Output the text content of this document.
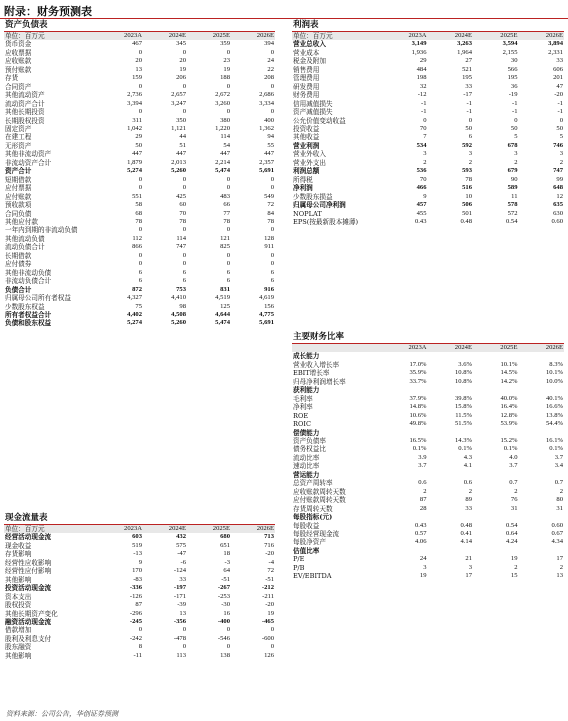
附录：财务预测表
资产负债表
单位：百万元	2023A	2024E	2025E	2026E
货币资金	467	345	359	394
应收票据	0	0	0	0
应收账款	20	20	23	24
预付账款	13	19	19	22
存货	159	206	188	208
合同资产	0	0	0	0
其他流动资产	2,736	2,657	2,672	2,686
流动资产合计	3,394	3,247	3,260	3,334
其他长期投资	0	0	0	0
长期股权投资	311	350	380	400
固定资产	1,042	1,121	1,220	1,362
在建工程	29	44	114	94
无形资产	50	51	54	55
其他非流动资产	447	447	447	447
非流动资产合计	1,879	2,013	2,214	2,357
资产合计	5,274	5,260	5,474	5,691
短期借款	0	0	0	0
应付票据	0	0	0	0
应付账款	551	425	483	549
预收款项	58	60	66	72
合同负债	68	70	77	84
其他应付款	78	78	78	78
一年内到期的非流动负债	0	0	0	0
其他流动负债	112	114	121	128
流动负债合计	866	747	825	911
长期借款	0	0	0	0
应付债券	0	0	0	0
其他非流动负债	6	6	6	6
非流动负债合计	6	6	6	6
负债合计	872	753	831	916
归属母公司所有者权益	4,327	4,410	4,519	4,619
少数股东权益	75	98	125	156
所有者权益合计	4,402	4,508	4,644	4,775
负债和股东权益	5,274	5,260	5,474	5,691
现金流量表
单位：百万元	2023A	2024E	2025E	2026E
经营活动现金流	603	432	680	713
现金收益	519	575	651	716
存货影响	-13	-47	18	-20
经营性应收影响	9	-6	-3	-4
经营性应付影响	170	-124	64	72
其他影响	-83	33	-51	-51
投资活动现金流	-336	-197	-267	-212
资本支出	-126	-171	-253	-211
股权投资	87	-39	-30	-20
其他长期资产变化	-296	13	16	19
融资活动现金流	-245	-356	-400	-465
借款增加	0	0	0	0
股利及利息支付	-242	-478	-546	-600
股东融资	8	0	0	0
其他影响	-11	113	138	126
利润表
单位：百万元	2023A	2024E	2025E	2026E
营业总收入	3,149	3,263	3,594	3,894
营业成本	1,936	1,964	2,155	2,331
税金及附加	29	27	30	33
销售费用	484	521	566	606
管理费用	198	195	195	201
研发费用	32	33	36	47
财务费用	-12	-17	-19	-20
信用减值损失	-1	-1	-1	-1
资产减值损失	-1	-1	-1	-1
公允价值变动收益	0	0	0	0
投资收益	70	50	50	50
其他收益	7	6	5	5
营业利润	534	592	678	746
营业外收入	3	3	3	3
营业外支出	2	2	2	2
利润总额	536	593	679	747
所得税	70	78	90	99
净利润	466	516	589	648
少数股东损益	9	10	11	12
归属母公司净利润	457	506	578	635
NOPLAT	455	501	572	630
EPS(按最新股本摊薄)	0.43	0.48	0.54	0.60
主要财务比率
	2023A	2024E	2025E	2026E
成长能力				
营业收入增长率	17.0%	3.6%	10.1%	8.3%
EBIT增长率	35.9%	10.8%	14.5%	10.1%
归母净利润增长率	33.7%	10.8%	14.2%	10.0%
获利能力				
毛利率	37.9%	39.8%	40.0%	40.1%
净利率	14.8%	15.8%	16.4%	16.6%
ROE	10.6%	11.5%	12.8%	13.8%
ROIC	49.8%	51.5%	53.9%	54.4%
偿债能力				
资产负债率	16.5%	14.3%	15.2%	16.1%
债务权益比	0.1%	0.1%	0.1%	0.1%
流动比率	3.9	4.3	4.0	3.7
速动比率	3.7	4.1	3.7	3.4
营运能力				
总资产周转率	0.6	0.6	0.7	0.7
应收账款周转天数	2	2	2	2
应付账款周转天数	87	89	76	80
存货周转天数	28	33	31	31
每股指标(元)				
每股收益	0.43	0.48	0.54	0.60
每股经营现金流	0.57	0.41	0.64	0.67
每股净资产	4.06	4.14	4.24	4.34
估值比率				
P/E	24	21	19	17
P/B	3	3	2	2
EV/EBITDA	19	17	15	13
资料来源：公司公告，华创证券预测
